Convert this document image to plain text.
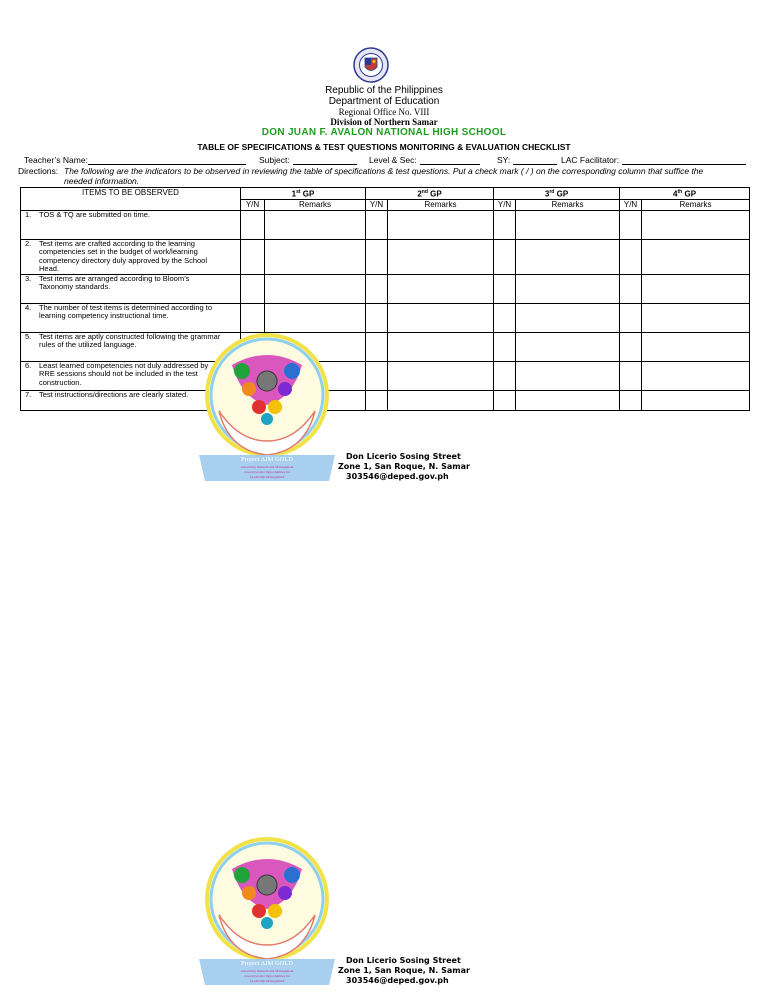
Republic of the Philippines
Department of Education
Regional Office No. VIII
Division of Northern Samar
DON JUAN F. AVALON NATIONAL HIGH SCHOOL
TABLE OF SPECIFICATIONS & TEST QUESTIONS MONITORING & EVALUATION CHECKLIST
Teacher’s Name:	Subject:	Level & Sec:	SY:	LAC Facilitator:
Directions: The following are the indicators to be observed in reviewing the table of specifications & test questions. Put a check mark ( / ) on the corresponding column that suffice the needed information.
ITEMS TO BE OBSERVED	1st GP		2nd GP		3rd GP		4th GP	
	Y/N	Remarks	Y/N	Remarks	Y/N	Remarks	Y/N	Remarks
1. TOS & TQ are submitted on time.								
2. Test items are crafted according to the learning competencies set in the budget of work/learning competency directory duly approved by the School Head.								
3. Test items are arranged according to Bloom’s Taxonomy standards.								
4. The number of test items is determined according to learning competency instructional time.								
5. Test items are aptly constructed following the grammar rules of the utilized language.								
6. Least learned competencies not duly addressed by RRE sessions should not be included in the test construction.								
7. Test instructions/directions are clearly stated.								
Project AIM GOLD
Advancing Instructional Management
toward Greater Opportunities for
Leadership Management
Don Licerio Sosing Street
Zone 1, San Roque, N. Samar
303546@deped.gov.ph
Project AIM GOLD
Advancing Instructional Management
toward Greater Opportunities for
Leadership Management
Don Licerio Sosing Street
Zone 1, San Roque, N. Samar
303546@deped.gov.ph
